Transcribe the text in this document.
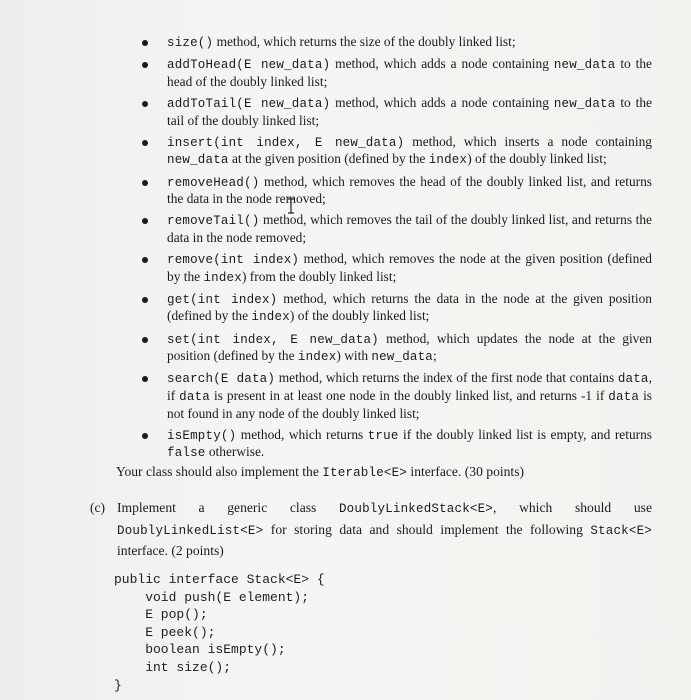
size() method, which returns the size of the doubly linked list;
addToHead(E new_data) method, which adds a node containing new_data to the head of the doubly linked list;
addToTail(E new_data) method, which adds a node containing new_data to the tail of the doubly linked list;
insert(int index, E new_data) method, which inserts a node containing new_data at the given position (defined by the index) of the doubly linked list;
removeHead() method, which removes the head of the doubly linked list, and returns the data in the node removed;
removeTail() method, which removes the tail of the doubly linked list, and returns the data in the node removed;
remove(int index) method, which removes the node at the given position (defined by the index) from the doubly linked list;
get(int index) method, which returns the data in the node at the given position (defined by the index) of the doubly linked list;
set(int index, E new_data) method, which updates the node at the given position (defined by the index) with new_data;
search(E data) method, which returns the index of the first node that contains data, if data is present in at least one node in the doubly linked list, and returns -1 if data is not found in any node of the doubly linked list;
isEmpty() method, which returns true if the doubly linked list is empty, and returns false otherwise.
Your class should also implement the Iterable<E> interface. (30 points)
(c) Implement a generic class DoublyLinkedStack<E>, which should use DoublyLinkedList<E> for storing data and should implement the following Stack<E> interface. (2 points)
public interface Stack<E> {
void push(E element);
E pop();
E peek();
boolean isEmpty();
int size();
}
